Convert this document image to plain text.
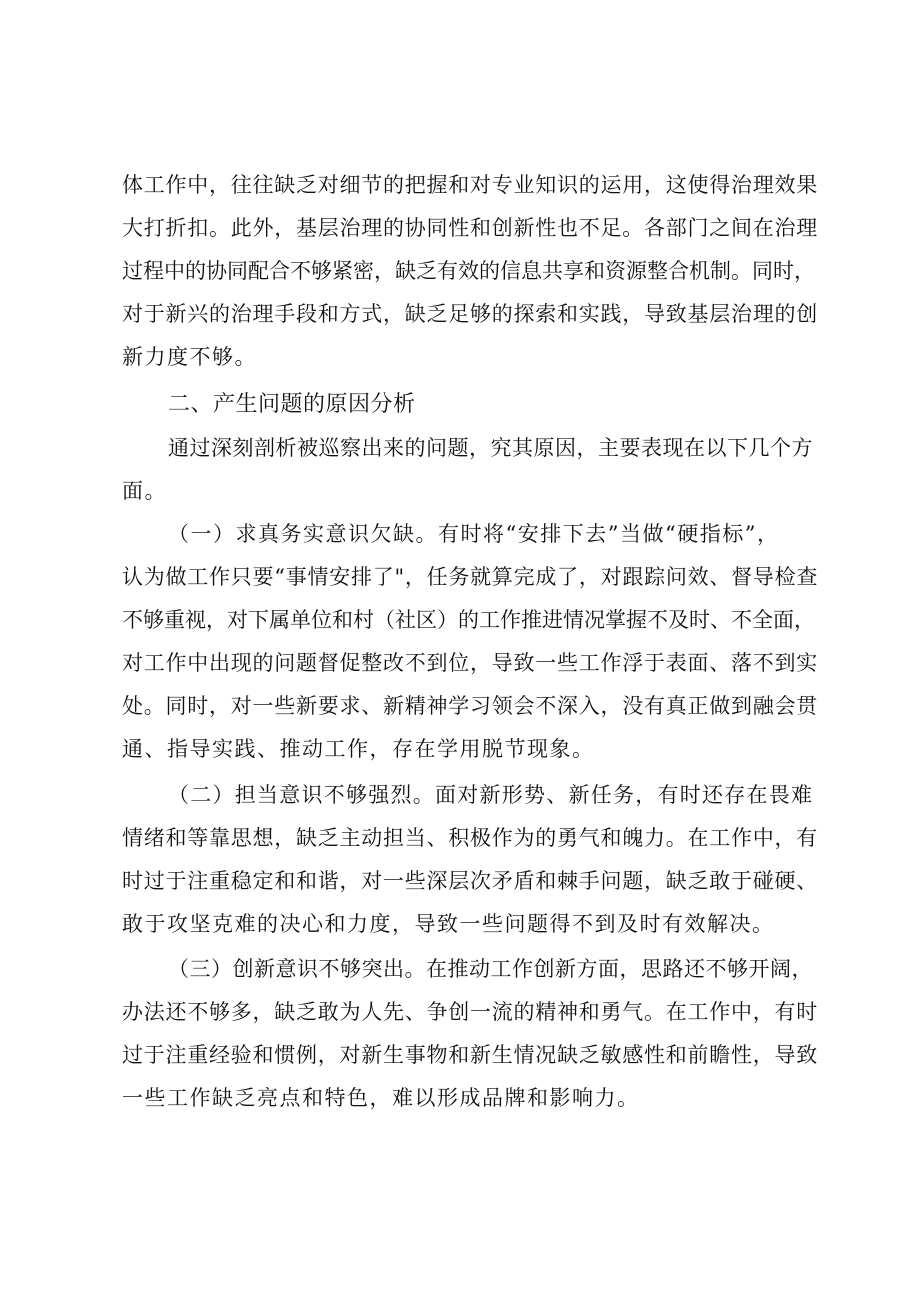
体工作中，往往缺乏对细节的把握和对专业知识的运用，这使得治理效果
大打折扣。此外，基层治理的协同性和创新性也不足。各部门之间在治理
过程中的协同配合不够紧密，缺乏有效的信息共享和资源整合机制。同时，
对于新兴的治理手段和方式，缺乏足够的探索和实践，导致基层治理的创
新力度不够。
二、产生问题的原因分析
通过深刻剖析被巡察出来的问题，究其原因，主要表现在以下几个方
面。
（一）求真务实意识欠缺。有时将“安排下去”当做“硬指标”，
认为做工作只要“事情安排了"，任务就算完成了，对跟踪问效、督导检查
不够重视，对下属单位和村（社区）的工作推进情况掌握不及时、不全面，
对工作中出现的问题督促整改不到位，导致一些工作浮于表面、落不到实
处。同时，对一些新要求、新精神学习领会不深入，没有真正做到融会贯
通、指导实践、推动工作，存在学用脱节现象。
（二）担当意识不够强烈。面对新形势、新任务，有时还存在畏难
情绪和等靠思想，缺乏主动担当、积极作为的勇气和魄力。在工作中，有
时过于注重稳定和和谐，对一些深层次矛盾和棘手问题，缺乏敢于碰硬、
敢于攻坚克难的决心和力度，导致一些问题得不到及时有效解决。
（三）创新意识不够突出。在推动工作创新方面，思路还不够开阔，
办法还不够多，缺乏敢为人先、争创一流的精神和勇气。在工作中，有时
过于注重经验和惯例，对新生事物和新生情况缺乏敏感性和前瞻性，导致
一些工作缺乏亮点和特色，难以形成品牌和影响力。
